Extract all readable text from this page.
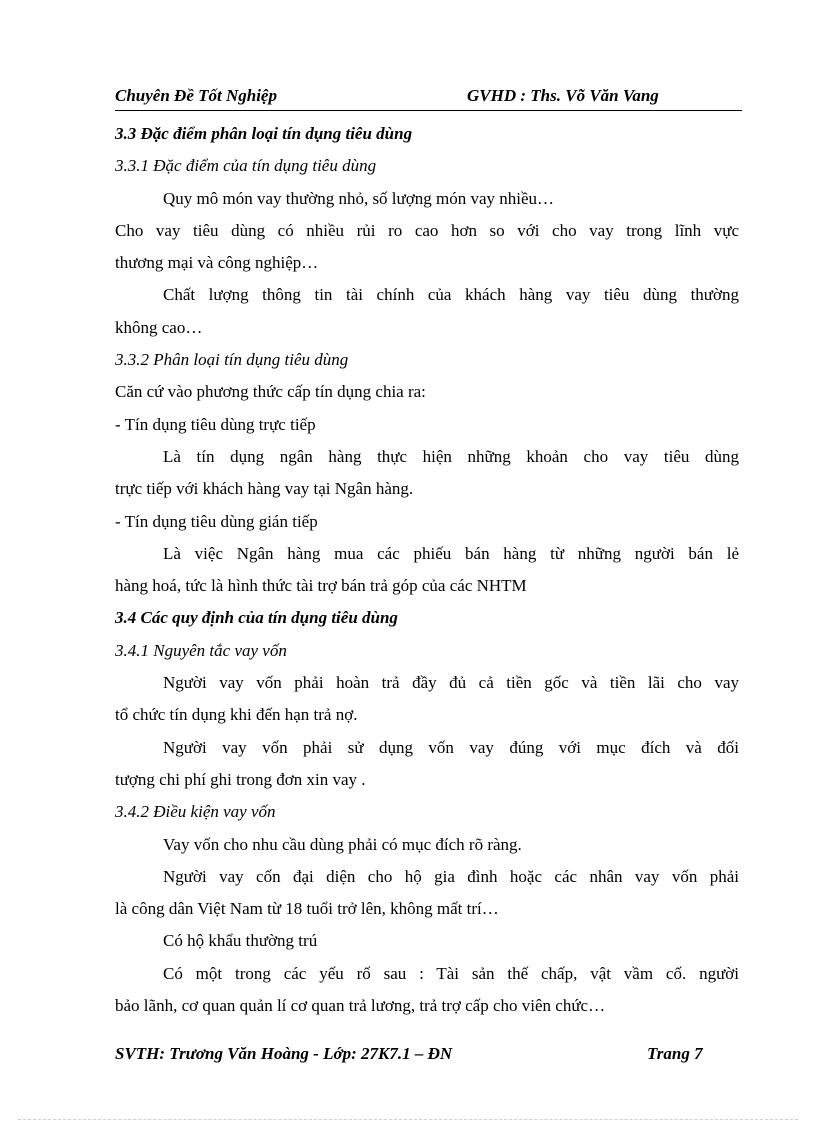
Chuyên Đề Tốt Nghiệp	GVHD : Ths. Võ Văn Vang
3.3 Đặc điểm phân loại tín dụng tiêu dùng
3.3.1 Đặc điểm của tín dụng tiêu dùng
Quy mô món vay thường nhỏ, số lượng món vay nhiều…
Cho vay tiêu dùng có nhiều rủi ro cao hơn so với cho vay trong lĩnh vực
thương mại và công nghiệp…
Chất lượng thông tin tài chính của khách hàng vay tiêu dùng thường
không cao…
3.3.2 Phân loại tín dụng tiêu dùng
Căn cứ vào phương thức cấp tín dụng chia ra:
- Tín dụng tiêu dùng trực tiếp
Là tín dụng ngân hàng thực hiện những khoản cho vay tiêu dùng
trực tiếp với khách hàng vay tại Ngân hàng.
- Tín dụng tiêu dùng gián tiếp
Là việc Ngân hàng mua các phiếu bán hàng từ những người bán lẻ
hàng hoá, tức là hình thức tài trợ bán trả góp của các NHTM
3.4 Các quy định của tín dụng tiêu dùng
3.4.1 Nguyên tắc vay vốn
Người vay vốn phải hoàn trả đầy đủ cả tiền gốc và tiền lãi cho vay
tổ chức tín dụng khi đến hạn trả nợ.
Người vay vốn phải sử dụng vốn vay đúng với mục đích và đối
tượng chi phí ghi trong đơn xin vay .
3.4.2 Điều kiện vay vốn
Vay vốn cho nhu cầu dùng phải có mục đích rõ ràng.
Người vay cốn đại diện cho hộ gia đình hoặc các nhân vay vốn phải
là công dân Việt Nam từ 18 tuổi trở lên, không mất trí…
Có hộ khẩu thường trú
Có một trong các yếu rố sau : Tài sản thế chấp, vật vầm cố. người
bảo lãnh, cơ quan quản lí cơ quan trả lương, trả trợ cấp cho viên chức…
SVTH: Trương Văn Hoàng - Lớp: 27K7.1 – ĐN	Trang 7
